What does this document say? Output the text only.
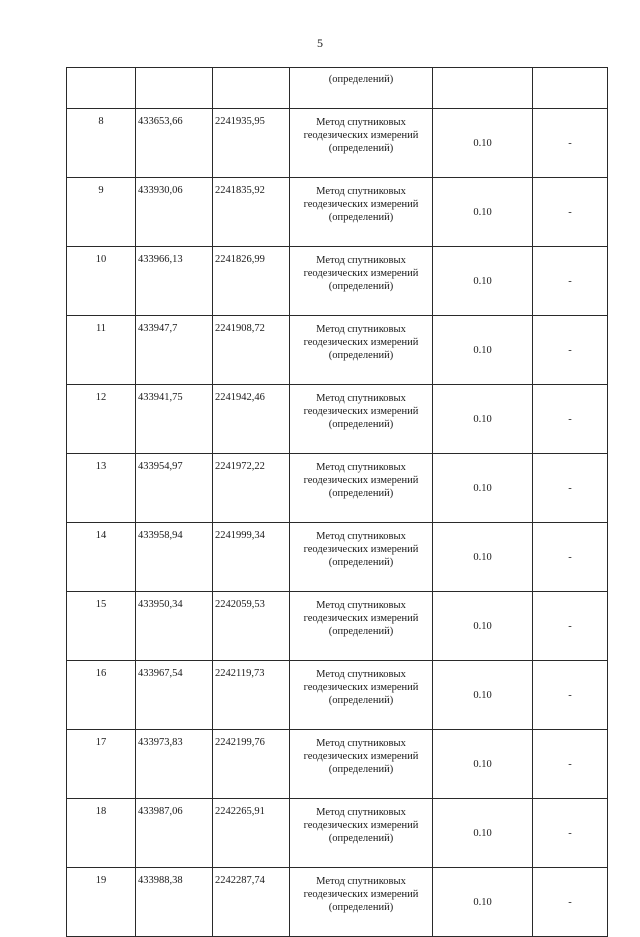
5
			(определений)		
8	433653,66	2241935,95	Метод спутниковых
геодезических измерений
(определений)	0.10	-
9	433930,06	2241835,92	Метод спутниковых
геодезических измерений
(определений)	0.10	-
10	433966,13	2241826,99	Метод спутниковых
геодезических измерений
(определений)	0.10	-
11	433947,7	2241908,72	Метод спутниковых
геодезических измерений
(определений)	0.10	-
12	433941,75	2241942,46	Метод спутниковых
геодезических измерений
(определений)	0.10	-
13	433954,97	2241972,22	Метод спутниковых
геодезических измерений
(определений)	0.10	-
14	433958,94	2241999,34	Метод спутниковых
геодезических измерений
(определений)	0.10	-
15	433950,34	2242059,53	Метод спутниковых
геодезических измерений
(определений)	0.10	-
16	433967,54	2242119,73	Метод спутниковых
геодезических измерений
(определений)	0.10	-
17	433973,83	2242199,76	Метод спутниковых
геодезических измерений
(определений)	0.10	-
18	433987,06	2242265,91	Метод спутниковых
геодезических измерений
(определений)	0.10	-
19	433988,38	2242287,74	Метод спутниковых
геодезических измерений
(определений)	0.10	-
